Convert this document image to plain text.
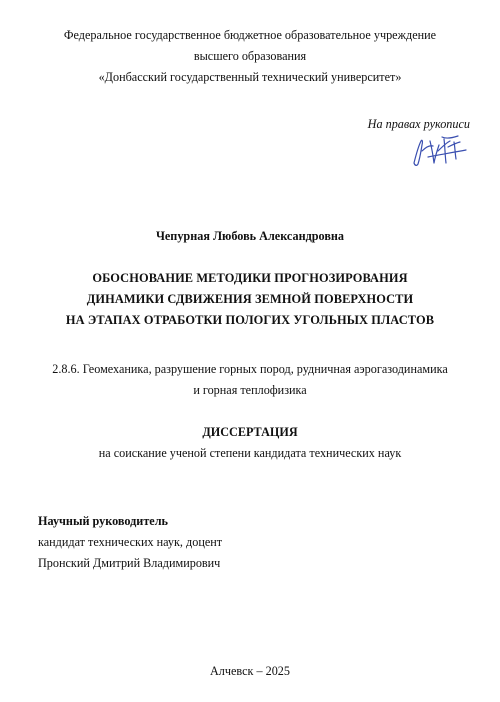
Федеральное государственное бюджетное образовательное учреждение
высшего образования
«Донбасский государственный технический университет»
На правах рукописи
Чепурная Любовь Александровна
ОБОСНОВАНИЕ МЕТОДИКИ ПРОГНОЗИРОВАНИЯ
ДИНАМИКИ СДВИЖЕНИЯ ЗЕМНОЙ ПОВЕРХНОСТИ
НА ЭТАПАХ ОТРАБОТКИ ПОЛОГИХ УГОЛЬНЫХ ПЛАСТОВ
2.8.6. Геомеханика, разрушение горных пород, рудничная аэрогазодинамика
и горная теплофизика
ДИССЕРТАЦИЯ
на соискание ученой степени кандидата технических наук
Научный руководитель
кандидат технических наук, доцент
Пронский Дмитрий Владимирович
Алчевск – 2025
